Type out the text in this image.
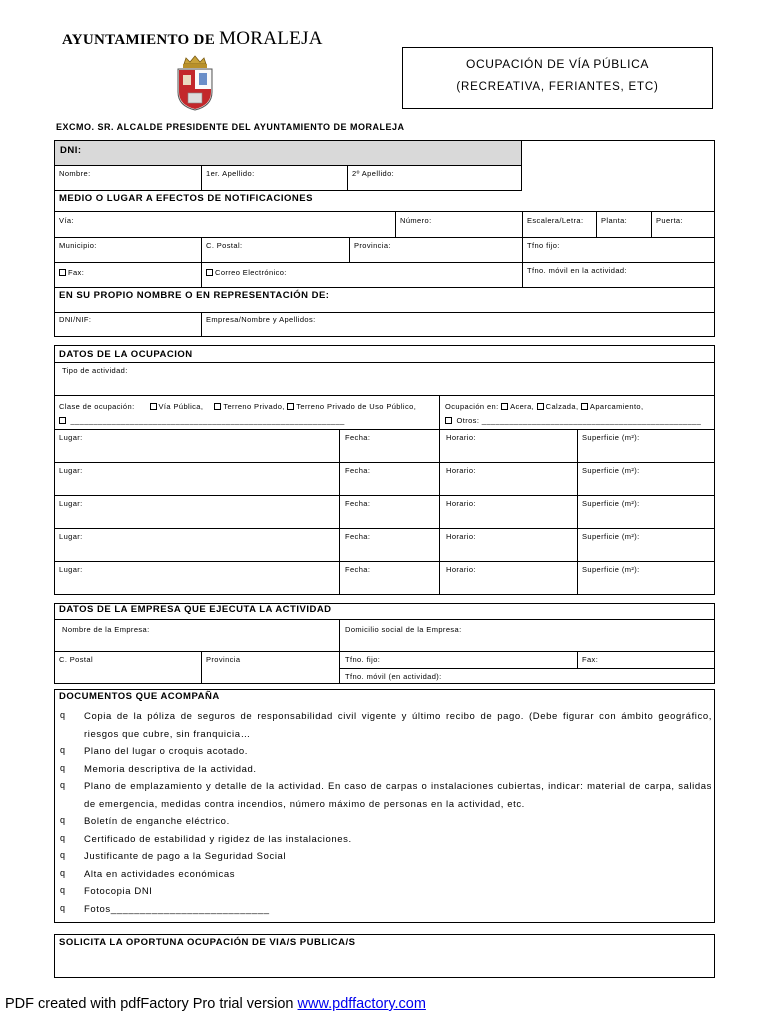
AYUNTAMIENTO DE MORALEJA
OCUPACIÓN DE VÍA PÚBLICA
(RECREATIVA, FERIANTES, ETC)
EXCMO. SR. ALCALDE PRESIDENTE DEL AYUNTAMIENTO DE MORALEJA
DNI:
Nombre:	1er. Apellido:	2º Apellido:
MEDIO O LUGAR A EFECTOS DE NOTIFICACIONES
Vía:	Número:	Escalera/Letra: Planta:	Puerta:
Municipio:	C. Postal:	Provincia:	Tfno fijo:
Fax:	Correo Electrónico:	Tfno. móvil en la actividad:
EN SU PROPIO NOMBRE O EN REPRESENTACIÓN DE:
DNI/NIF:	Empresa/Nombre y Apellidos:
DATOS DE LA OCUPACION
Tipo de actividad:
Clase de ocupación:	Vía Pública,	Terreno Privado, Terreno Privado de Uso Público,
____________________________________________________________
Ocupación en: Acera, Calzada, Aparcamiento,
Otros: ________________________________________________
Lugar:	Fecha:	Horario:	Superficie (m²):
Lugar:	Fecha:	Horario:	Superficie (m²):
Lugar:	Fecha:	Horario:	Superficie (m²):
Lugar:	Fecha:	Horario:	Superficie (m²):
Lugar:	Fecha:	Horario:	Superficie (m²):
DATOS DE LA EMPRESA QUE EJECUTA LA ACTIVIDAD
Nombre de la Empresa:	Domicilio social de la Empresa:
C. Postal	Provincia	Tfno. fijo:	Fax:
Tfno. móvil (en actividad):
DOCUMENTOS QUE ACOMPAÑA
q Copia de la póliza de seguros de responsabilidad civil vigente y último recibo de pago. (Debe figurar con ámbito geográfico, riesgos que cubre, sin franquicia…
q Plano del lugar o croquis acotado.
q Memoria descriptiva de la actividad.
q Plano de emplazamiento y detalle de la actividad. En caso de carpas o instalaciones cubiertas, indicar: material de carpa, salidas de emergencia, medidas contra incendios, número máximo de personas en la actividad, etc.
q Boletín de enganche eléctrico.
q Certificado de estabilidad y rigidez de las instalaciones.
q Justificante de pago a la Seguridad Social
q Alta en actividades económicas
q Fotocopia DNI
q Fotos___________________________
SOLICITA LA OPORTUNA OCUPACIÓN DE VIA/S PUBLICA/S
PDF created with pdfFactory Pro trial version www.pdffactory.com
